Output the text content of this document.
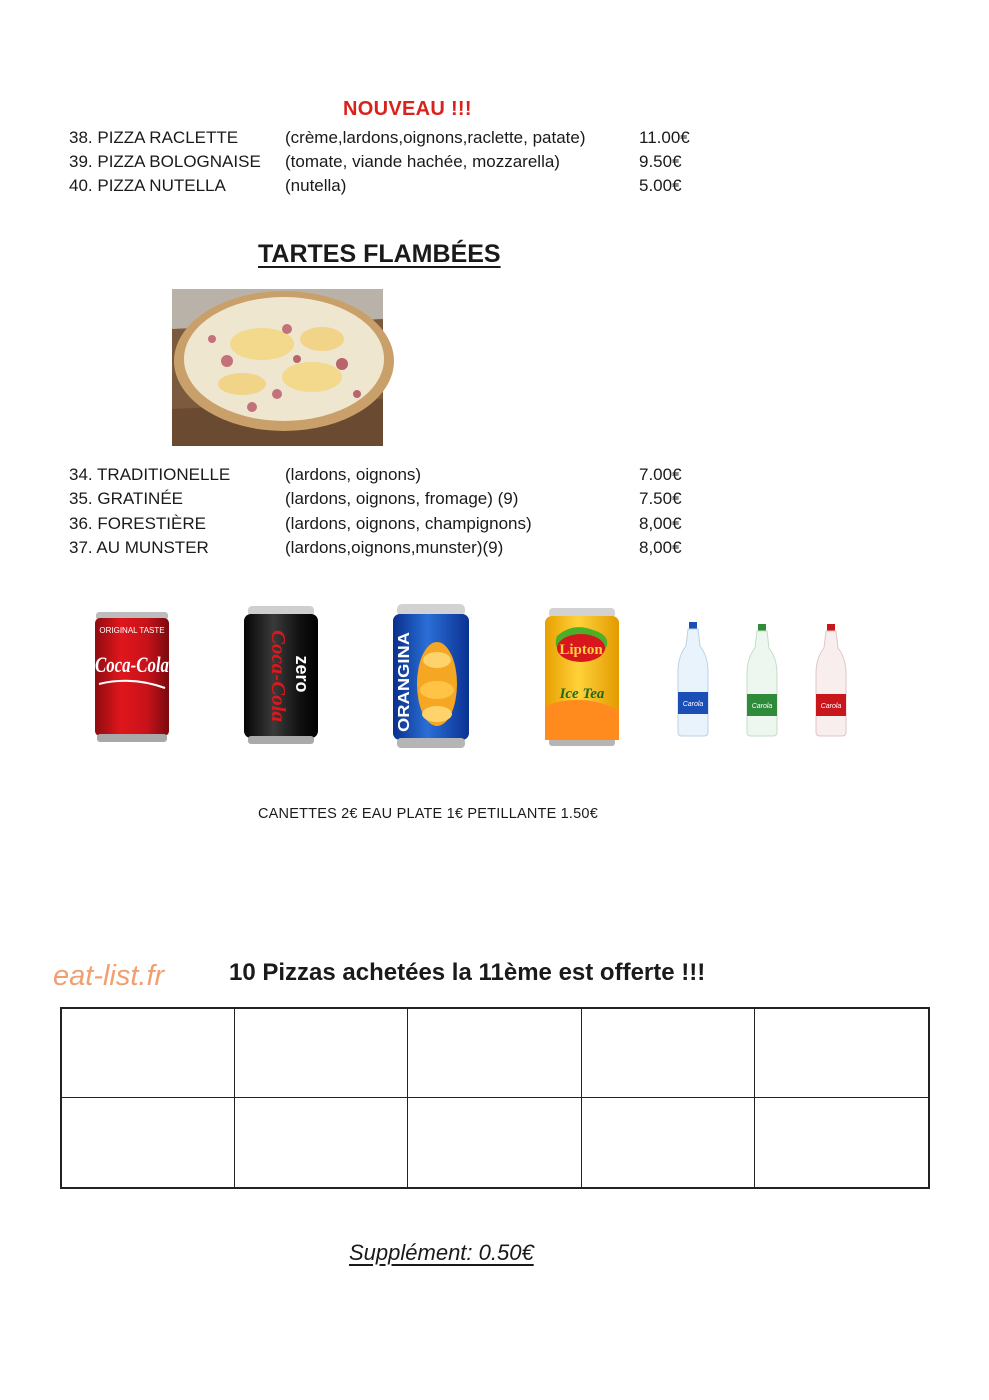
NOUVEAU !!!
38. PIZZA RACLETTE	(crème,lardons,oignons,raclette, patate)	11.00€
39. PIZZA BOLOGNAISE (tomate, viande hachée, mozzarella)	9.50€
40. PIZZA NUTELLA	(nutella)	5.00€
TARTES FLAMBÉES
34. TRADITIONELLE	(lardons, oignons)	7.00€
35. GRATINÉE	(lardons, oignons, fromage) (9)	7.50€
36. FORESTIÈRE	(lardons, oignons, champignons)	8,00€
37. AU MUNSTER	(lardons,oignons,munster)(9)	8,00€
ORIGINAL TASTE
Coca-Cola	Coca-Cola zero	ORANGINA	Lipton
Ice Tea
Carola	Carola	Carola
CANETTES 2€ EAU PLATE 1€ PETILLANTE 1.50€
eat-list.fr	10 Pizzas achetées la 11ème est offerte !!!
Supplément: 0.50€
